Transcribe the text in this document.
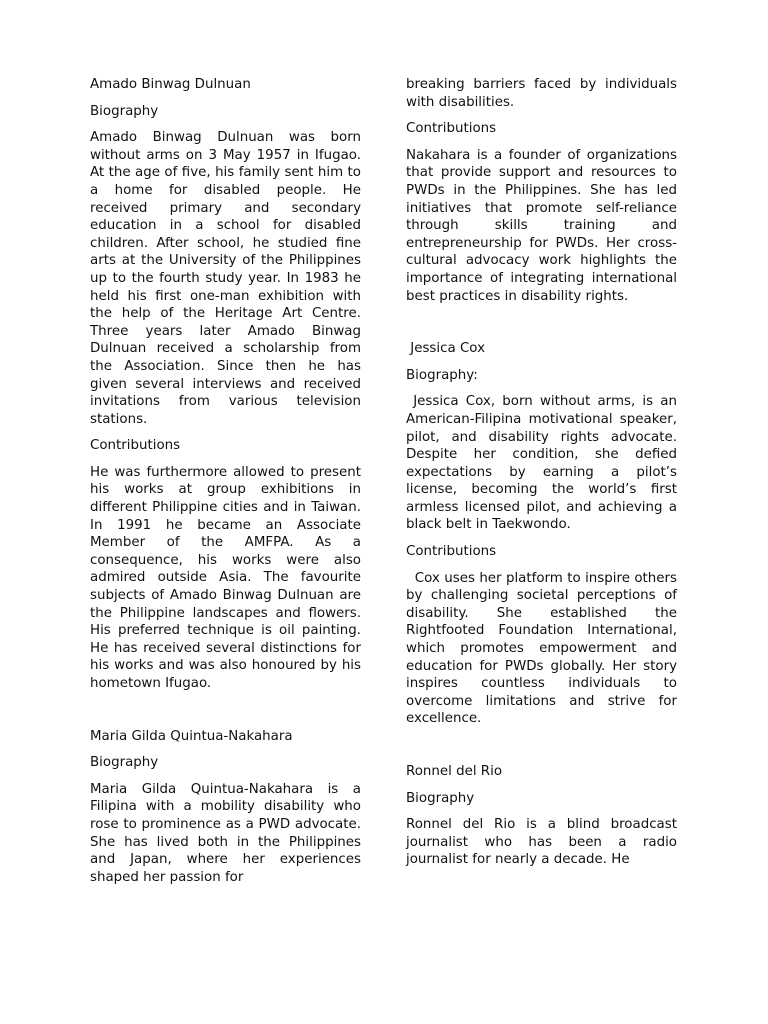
Amado Binwag Dulnuan

Biography

Amado Binwag Dulnuan was born without arms on 3 May 1957 in Ifugao. At the age of five, his family sent him to a home for disabled people. He received primary and secondary education in a school for disabled children. After school, he studied fine arts at the University of the Philippines up to the fourth study year. In 1983 he held his first one-man exhibition with the help of the Heritage Art Centre. Three years later Amado Binwag Dulnuan received a scholarship from the Association. Since then he has given several interviews and received invitations from various television stations.

Contributions

He was furthermore allowed to present his works at group exhibitions in different Philippine cities and in Taiwan. In 1991 he became an Associate Member of the AMFPA. As a consequence, his works were also admired outside Asia. The favourite subjects of Amado Binwag Dulnuan are the Philippine landscapes and flowers. His preferred technique is oil painting. He has received several distinctions for his works and was also honoured by his hometown Ifugao.

Maria Gilda Quintua-Nakahara

Biography

Maria Gilda Quintua-Nakahara is a Filipina with a mobility disability who rose to prominence as a PWD advocate. She has lived both in the Philippines and Japan, where her experiences shaped her passion for

breaking barriers faced by individuals with disabilities.

Contributions

Nakahara is a founder of organizations that provide support and resources to PWDs in the Philippines. She has led initiatives that promote self-reliance through skills training and entrepreneurship for PWDs. Her cross-cultural advocacy work highlights the importance of integrating international best practices in disability rights.

Jessica Cox

Biography:

Jessica Cox, born without arms, is an American-Filipina motivational speaker, pilot, and disability rights advocate. Despite her condition, she defied expectations by earning a pilot’s license, becoming the world’s first armless licensed pilot, and achieving a black belt in Taekwondo.

Contributions

Cox uses her platform to inspire others by challenging societal perceptions of disability. She established the Rightfooted Foundation International, which promotes empowerment and education for PWDs globally. Her story inspires countless individuals to overcome limitations and strive for excellence.

Ronnel del Rio

Biography

Ronnel del Rio is a blind broadcast journalist who has been a radio journalist for nearly a decade. He
